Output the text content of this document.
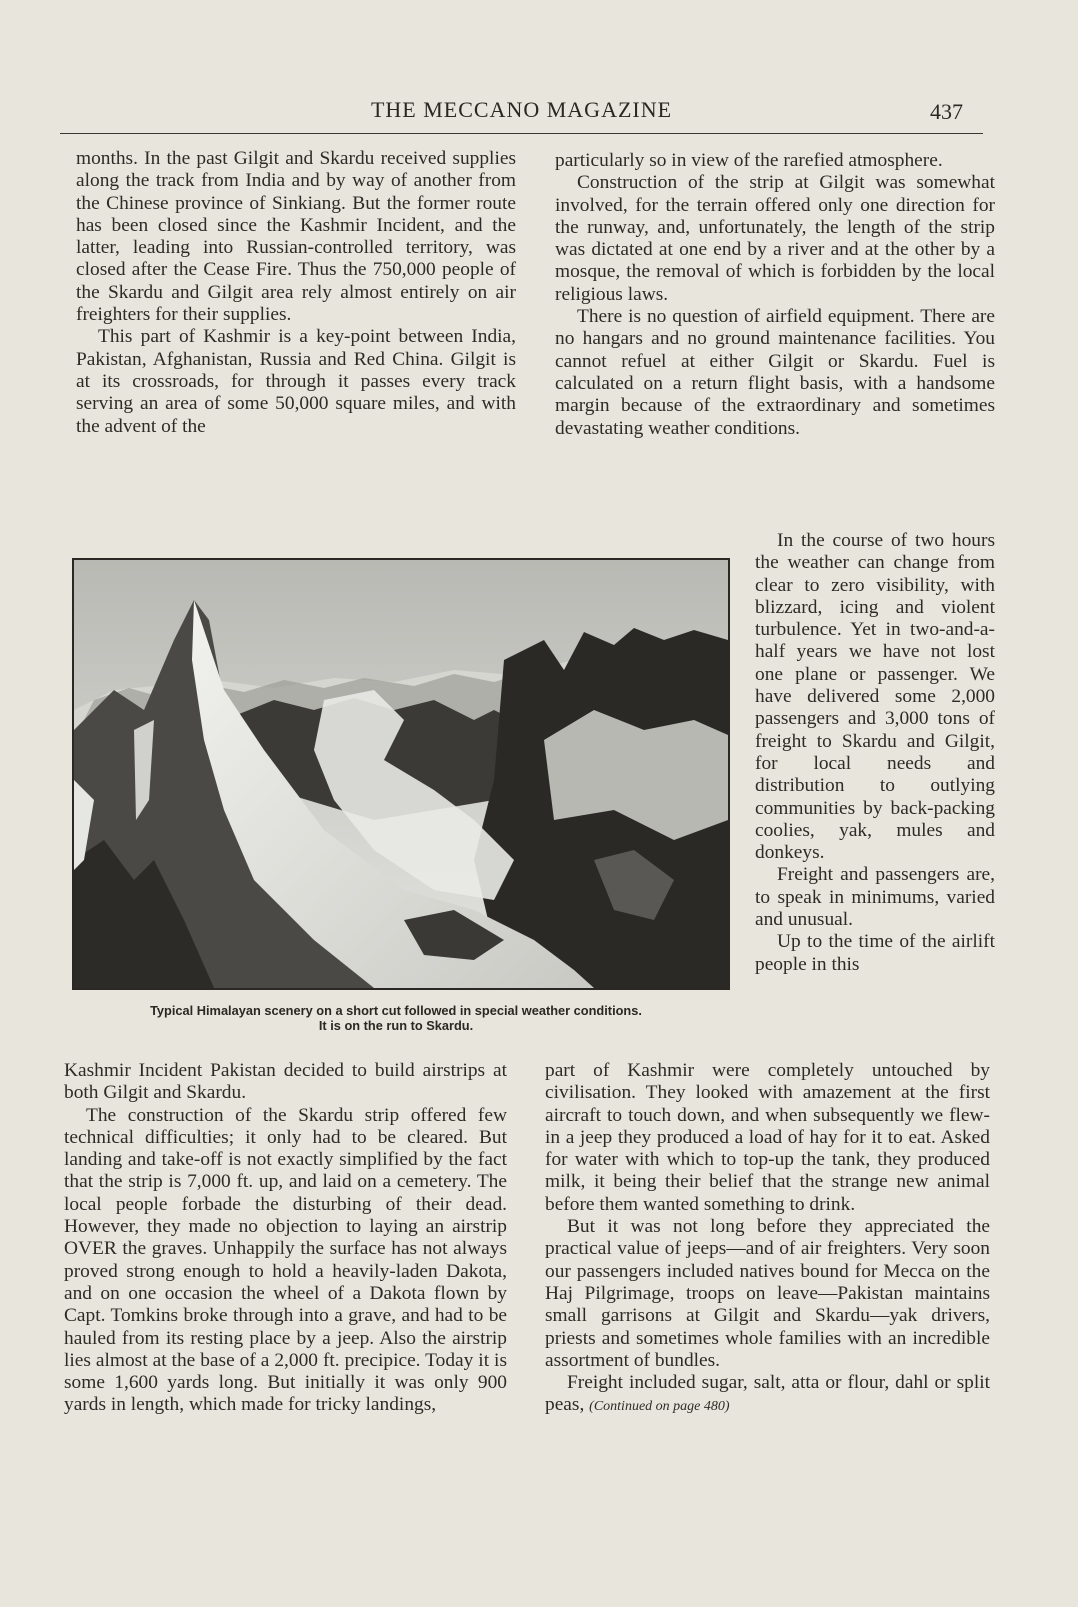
THE MECCANO MAGAZINE	437

months. In the past Gilgit and Skardu received supplies along the track from India and by way of another from the Chinese province of Sinkiang. But the former route has been closed since the Kashmir Incident, and the latter, leading into Russian-controlled territory, was closed after the Cease Fire. Thus the 750,000 people of the Skardu and Gilgit area rely almost entirely on air freighters for their supplies.

This part of Kashmir is a key-point between India, Pakistan, Afghanistan, Russia and Red China. Gilgit is at its crossroads, for through it passes every track serving an area of some 50,000 square miles, and with the advent of the

particularly so in view of the rarefied atmosphere.

Construction of the strip at Gilgit was somewhat involved, for the terrain offered only one direction for the runway, and, unfortunately, the length of the strip was dictated at one end by a river and at the other by a mosque, the removal of which is forbidden by the local religious laws.

There is no question of airfield equipment. There are no hangars and no ground maintenance facilities. You cannot refuel at either Gilgit or Skardu. Fuel is calculated on a return flight basis, with a handsome margin because of the extraordinary and sometimes devastating weather conditions.

In the course of two hours the weather can change from clear to zero visibility, with blizzard, icing and violent turbulence. Yet in two-and-a-half years we have not lost one plane or passenger. We have delivered some 2,000 passengers and 3,000 tons of freight to Skardu and Gilgit, for local needs and distribution to outlying communities by back-packing coolies, yak, mules and donkeys.

Freight and passengers are, to speak in minimums, varied and unusual.

Up to the time of the airlift people in this

Typical Himalayan scenery on a short cut followed in special weather conditions.
It is on the run to Skardu.

Kashmir Incident Pakistan decided to build airstrips at both Gilgit and Skardu.

The construction of the Skardu strip offered few technical difficulties; it only had to be cleared. But landing and take-off is not exactly simplified by the fact that the strip is 7,000 ft. up, and laid on a cemetery. The local people forbade the disturbing of their dead. However, they made no objection to laying an airstrip OVER the graves. Unhappily the surface has not always proved strong enough to hold a heavily-laden Dakota, and on one occasion the wheel of a Dakota flown by Capt. Tomkins broke through into a grave, and had to be hauled from its resting place by a jeep. Also the airstrip lies almost at the base of a 2,000 ft. precipice. Today it is some 1,600 yards long. But initially it was only 900 yards in length, which made for tricky landings,

part of Kashmir were completely untouched by civilisation. They looked with amazement at the first aircraft to touch down, and when subsequently we flew-in a jeep they produced a load of hay for it to eat. Asked for water with which to top-up the tank, they produced milk, it being their belief that the strange new animal before them wanted something to drink.

But it was not long before they appreciated the practical value of jeeps—and of air freighters. Very soon our passengers included natives bound for Mecca on the Haj Pilgrimage, troops on leave—Pakistan maintains small garrisons at Gilgit and Skardu—yak drivers, priests and sometimes whole families with an incredible assortment of bundles.

Freight included sugar, salt, atta or flour, dahl or split peas, (Continued on page 480)
